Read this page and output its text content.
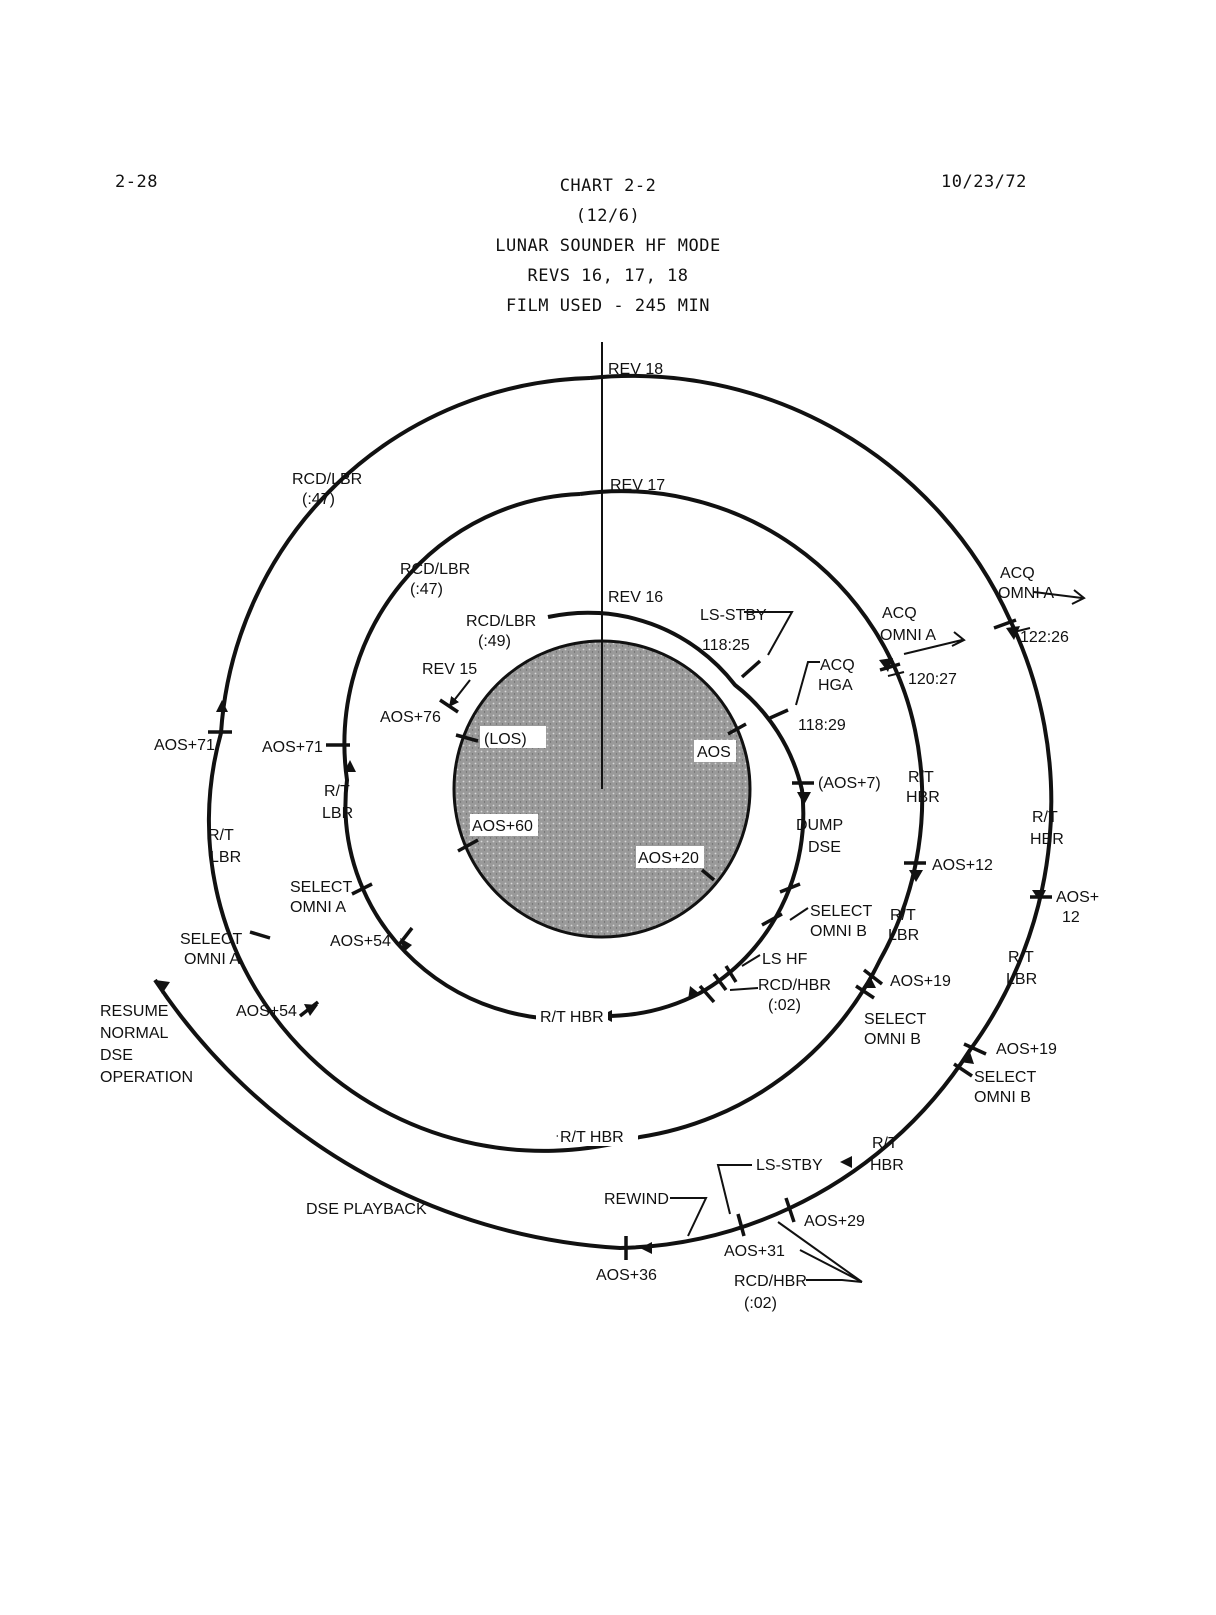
2-28	10/23/72
CHART 2-2
(12/6)
LUNAR SOUNDER HF MODE
REVS 16, 17, 18
FILM USED - 245 MIN
REV 18
REV 17
REV 16
REV 15
RCD/LBR
(:47)
RCD/LBR
(:47)
RCD/LBR
(:49)
AOS+76
(LOS)
AOS
AOS+60
AOS+20
LS-STBY
118:25
ACQ
HGA
118:29
(AOS+7)
DUMP
DSE
SELECT
OMNI B
LS HF
RCD/HBR
(:02)
R/T HBR
ACQ
OMNI A
120:27
R/T
HBR
AOS+12
R/T
LBR
AOS+19
SELECT
OMNI B
ACQ
OMNI A
122:26
R/T
HBR
AOS+
12
R/T
LBR
AOS+19
SELECT
OMNI B
AOS+71	AOS+71
R/T
LBR
R/T
LBR
SELECT
OMNI A
SELECT
OMNI A
AOS+54
AOS+54
R/T HBR	R/T
HBR
LS-STBY
REWIND
AOS+29
AOS+31
RCD/HBR
(:02)
AOS+36
DSE PLAYBACK
RESUME
NORMAL
DSE
OPERATION
